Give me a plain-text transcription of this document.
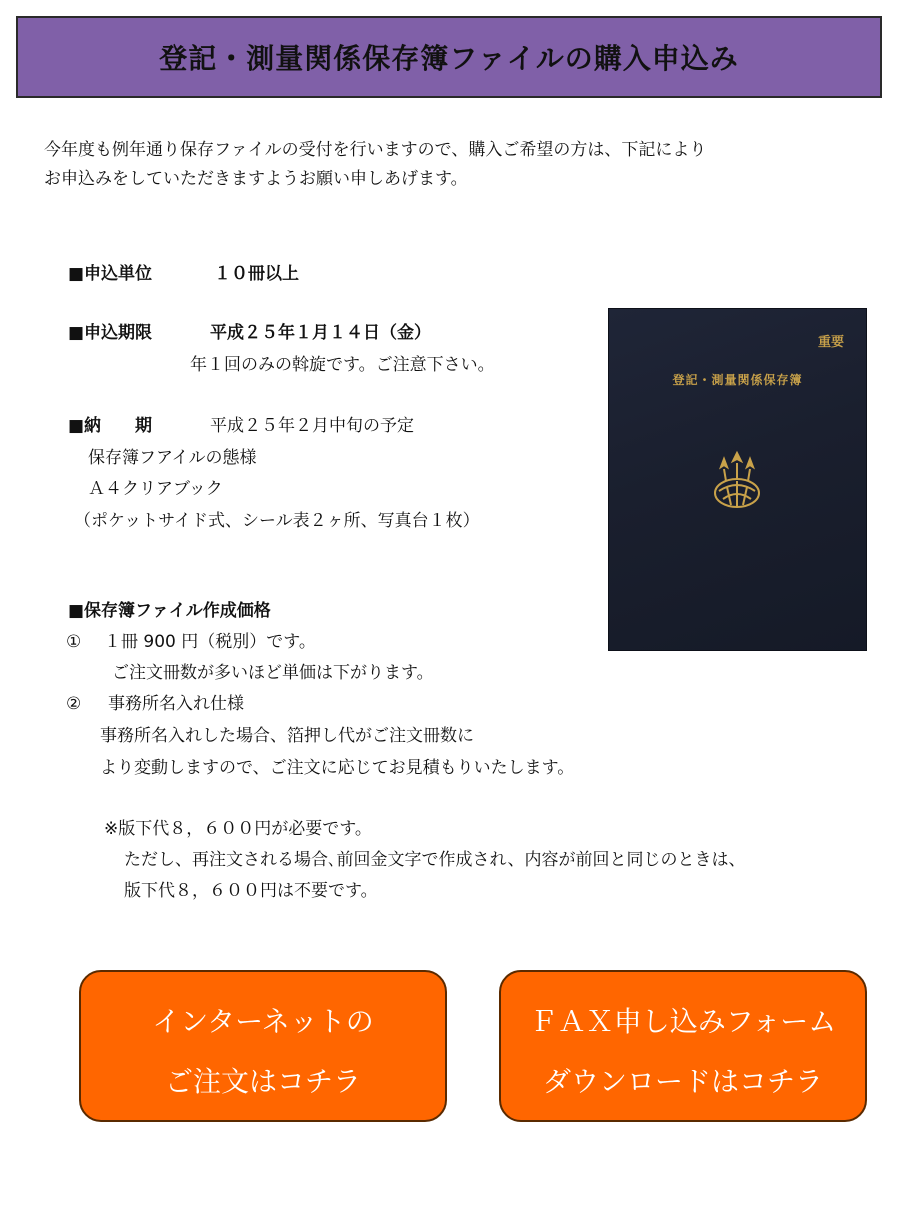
登記・測量関係保存簿ファイルの購入申込み
今年度も例年通り保存ファイルの受付を行いますので、購入ご希望の方は、下記により
お申込みをしていただきますようお願い申しあげます。
■申込単位	１０冊以上
■申込期限	平成２５年１月１４日（金）
年１回のみの斡旋です。ご注意下さい。
■納　　期	平成２５年２月中旬の予定
保存簿フアイルの態様
Ａ４クリアブック
（ポケットサイド式、シール表２ヶ所、写真台１枚）
■保存簿ファイル作成価格
① １冊 900 円（税別）です。
ご注文冊数が多いほど単価は下がります。
② 事務所名入れ仕様
事務所名入れした場合、箔押し代がご注文冊数に
より変動しますので、ご注文に応じてお見積もりいたします。
※版下代８，６００円が必要です。
ただし、再注文される場合､前回金文字で作成され、内容が前回と同じのときは、
版下代８，６００円は不要です。
重要
登記・測量関係保存簿
インターネットの
ご注文はコチラ
ＦＡＸ申し込みフォーム
ダウンロードはコチラ
